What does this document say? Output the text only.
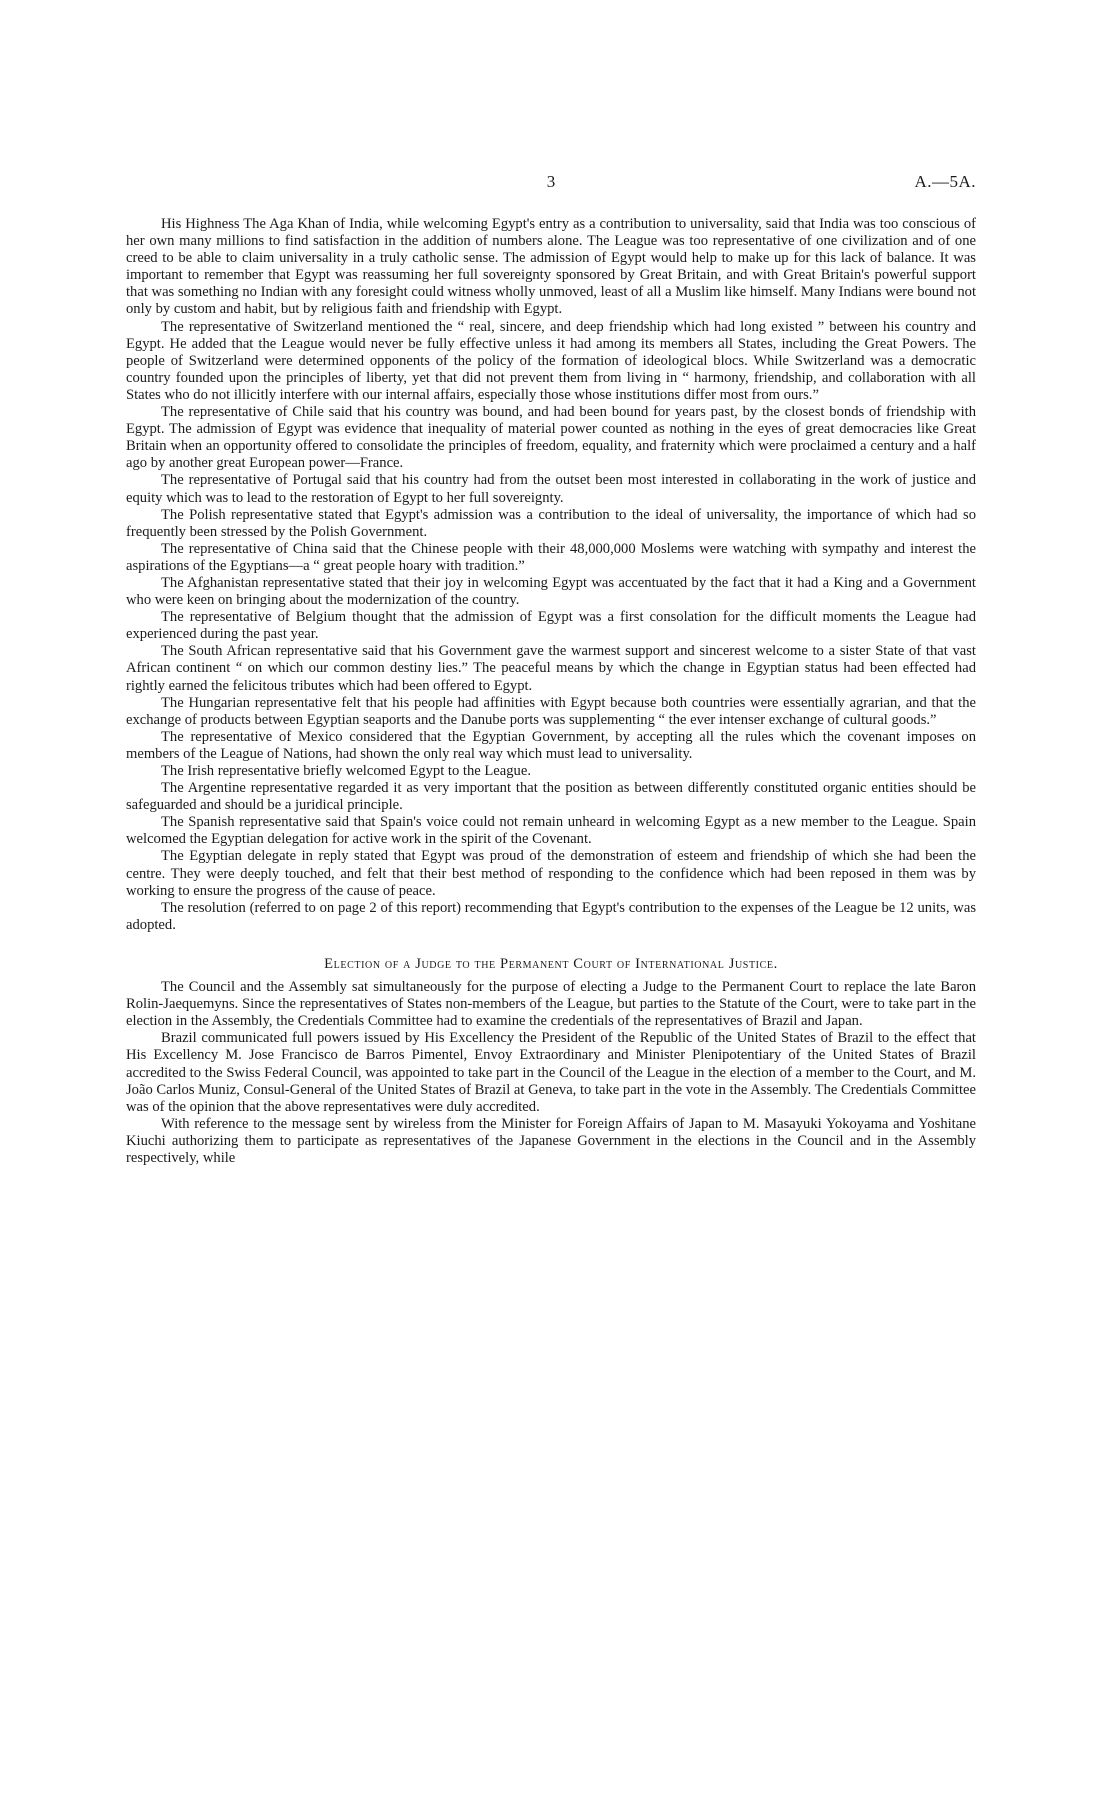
3	A.—5A.

His Highness The Aga Khan of India, while welcoming Egypt's entry as a contribution to universality, said that India was too conscious of her own many millions to find satisfaction in the addition of numbers alone. The League was too representative of one civilization and of one creed to be able to claim universality in a truly catholic sense. The admission of Egypt would help to make up for this lack of balance. It was important to remember that Egypt was reassuming her full sovereignty sponsored by Great Britain, and with Great Britain's powerful support that was something no Indian with any foresight could witness wholly unmoved, least of all a Muslim like himself. Many Indians were bound not only by custom and habit, but by religious faith and friendship with Egypt.

The representative of Switzerland mentioned the “ real, sincere, and deep friendship which had long existed ” between his country and Egypt. He added that the League would never be fully effective unless it had among its members all States, including the Great Powers. The people of Switzerland were determined opponents of the policy of the formation of ideological blocs. While Switzerland was a democratic country founded upon the principles of liberty, yet that did not prevent them from living in “ harmony, friendship, and collaboration with all States who do not illicitly interfere with our internal affairs, especially those whose institutions differ most from ours.”

The representative of Chile said that his country was bound, and had been bound for years past, by the closest bonds of friendship with Egypt. The admission of Egypt was evidence that inequality of material power counted as nothing in the eyes of great democracies like Great Britain when an opportunity offered to consolidate the principles of freedom, equality, and fraternity which were proclaimed a century and a half ago by another great European power—France.

The representative of Portugal said that his country had from the outset been most interested in collaborating in the work of justice and equity which was to lead to the restoration of Egypt to her full sovereignty.

The Polish representative stated that Egypt's admission was a contribution to the ideal of universality, the importance of which had so frequently been stressed by the Polish Government.

The representative of China said that the Chinese people with their 48,000,000 Moslems were watching with sympathy and interest the aspirations of the Egyptians—a “ great people hoary with tradition.”

The Afghanistan representative stated that their joy in welcoming Egypt was accentuated by the fact that it had a King and a Government who were keen on bringing about the modernization of the country.

The representative of Belgium thought that the admission of Egypt was a first consolation for the difficult moments the League had experienced during the past year.

The South African representative said that his Government gave the warmest support and sincerest welcome to a sister State of that vast African continent “ on which our common destiny lies.” The peaceful means by which the change in Egyptian status had been effected had rightly earned the felicitous tributes which had been offered to Egypt.

The Hungarian representative felt that his people had affinities with Egypt because both countries were essentially agrarian, and that the exchange of products between Egyptian seaports and the Danube ports was supplementing “ the ever intenser exchange of cultural goods.”

The representative of Mexico considered that the Egyptian Government, by accepting all the rules which the covenant imposes on members of the League of Nations, had shown the only real way which must lead to universality.

The Irish representative briefly welcomed Egypt to the League.

The Argentine representative regarded it as very important that the position as between differently constituted organic entities should be safeguarded and should be a juridical principle.

The Spanish representative said that Spain's voice could not remain unheard in welcoming Egypt as a new member to the League. Spain welcomed the Egyptian delegation for active work in the spirit of the Covenant.

The Egyptian delegate in reply stated that Egypt was proud of the demonstration of esteem and friendship of which she had been the centre. They were deeply touched, and felt that their best method of responding to the confidence which had been reposed in them was by working to ensure the progress of the cause of peace.

The resolution (referred to on page 2 of this report) recommending that Egypt's contribution to the expenses of the League be 12 units, was adopted.

Election of a Judge to the Permanent Court of International Justice.

The Council and the Assembly sat simultaneously for the purpose of electing a Judge to the Permanent Court to replace the late Baron Rolin-Jaequemyns. Since the representatives of States non-members of the League, but parties to the Statute of the Court, were to take part in the election in the Assembly, the Credentials Committee had to examine the credentials of the representatives of Brazil and Japan.

Brazil communicated full powers issued by His Excellency the President of the Republic of the United States of Brazil to the effect that His Excellency M. Jose Francisco de Barros Pimentel, Envoy Extraordinary and Minister Plenipotentiary of the United States of Brazil accredited to the Swiss Federal Council, was appointed to take part in the Council of the League in the election of a member to the Court, and M. João Carlos Muniz, Consul-General of the United States of Brazil at Geneva, to take part in the vote in the Assembly. The Credentials Committee was of the opinion that the above representatives were duly accredited.

With reference to the message sent by wireless from the Minister for Foreign Affairs of Japan to M. Masayuki Yokoyama and Yoshitane Kiuchi authorizing them to participate as representatives of the Japanese Government in the elections in the Council and in the Assembly respectively, while
